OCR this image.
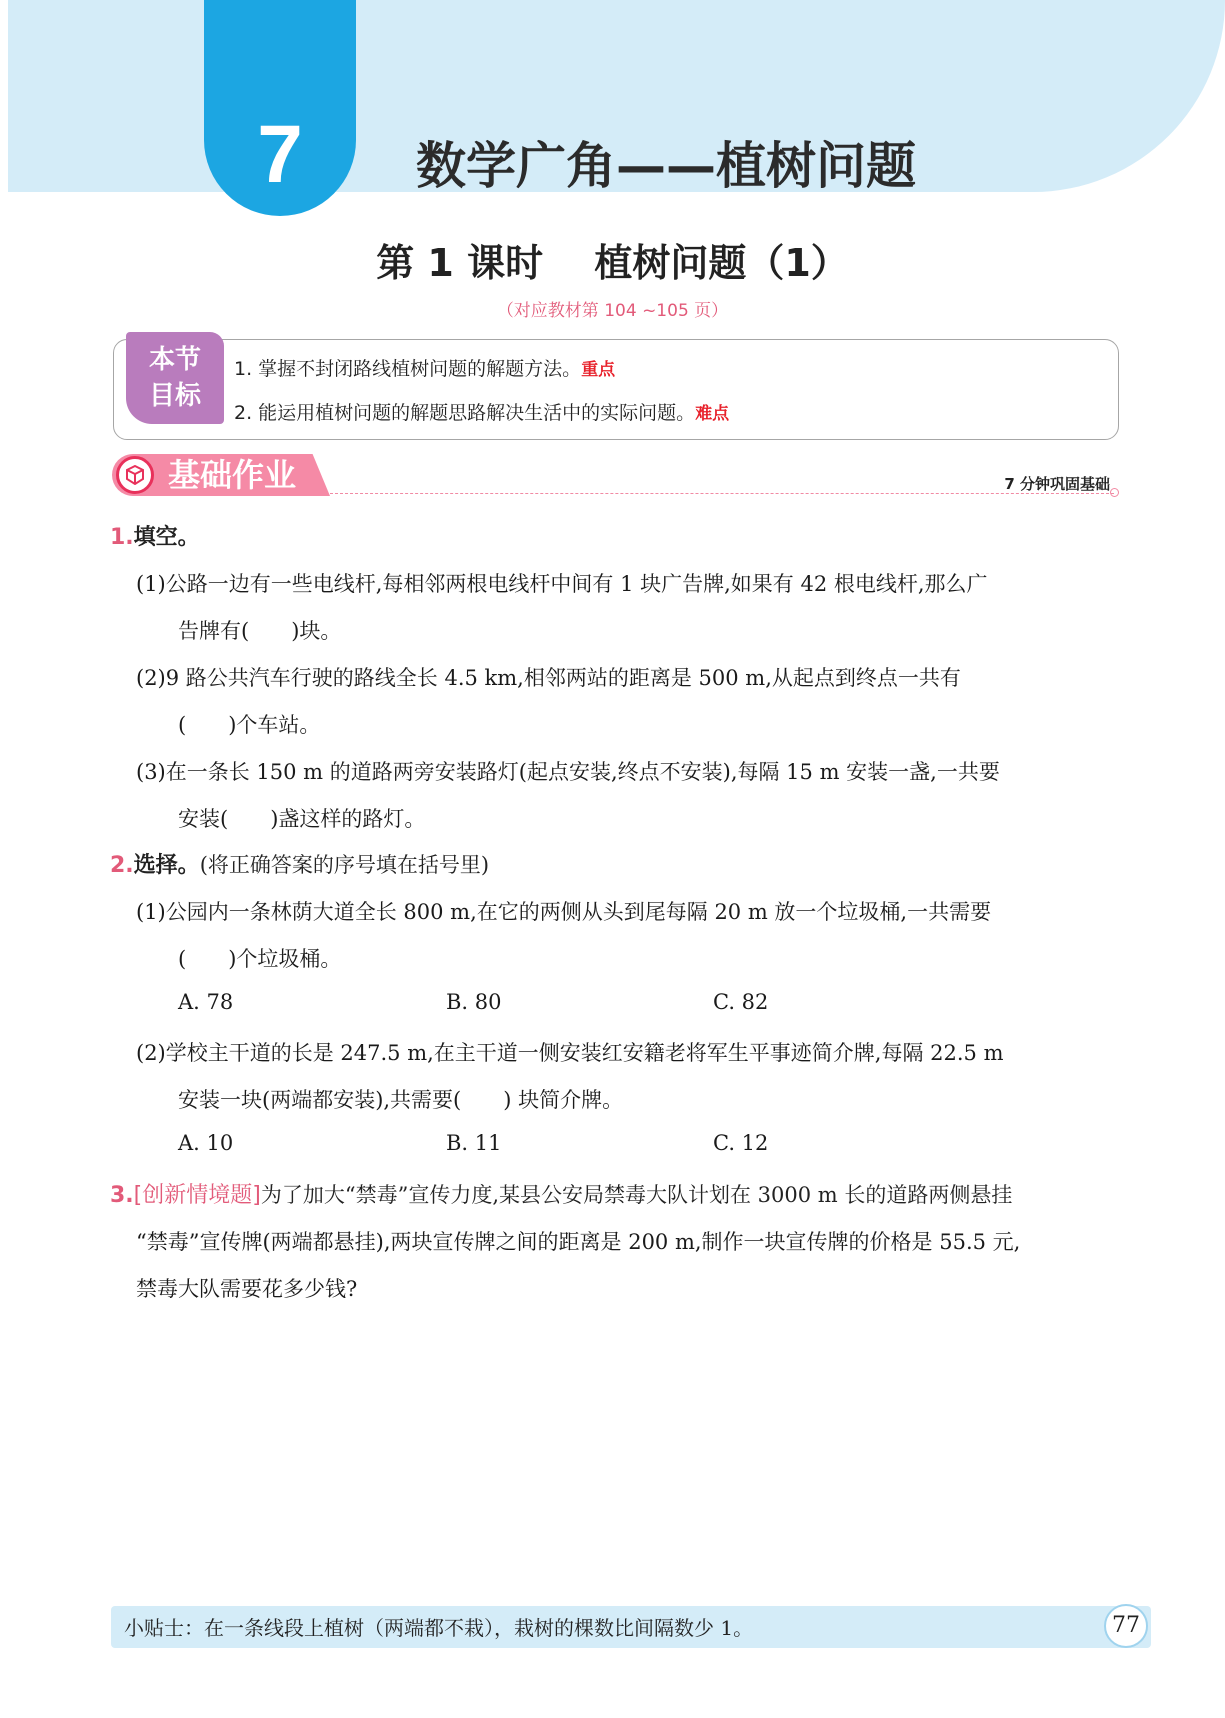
7	数学广角——植树问题
第 1 课时　 植树问题（1）
（对应教材第 104 ~105 页）
本节
目标
1. 掌握不封闭路线植树问题的解题方法。重点
2. 能运用植树问题的解题思路解决生活中的实际问题。难点
基础作业	7 分钟巩固基础
1.填空。
(1)公路一边有一些电线杆,每相邻两根电线杆中间有 1 块广告牌,如果有 42 根电线杆,那么广
告牌有(　　)块。
(2)9 路公共汽车行驶的路线全长 4.5 km,相邻两站的距离是 500 m,从起点到终点一共有
(　　)个车站。
(3)在一条长 150 m 的道路两旁安装路灯(起点安装,终点不安装),每隔 15 m 安装一盏,一共要
安装(　　)盏这样的路灯。
2.选择。(将正确答案的序号填在括号里)
(1)公园内一条林荫大道全长 800 m,在它的两侧从头到尾每隔 20 m 放一个垃圾桶,一共需要
(　　)个垃圾桶。
A. 78	B. 80	C. 82
(2)学校主干道的长是 247.5 m,在主干道一侧安装红安籍老将军生平事迹简介牌,每隔 22.5 m
安装一块(两端都安装),共需要(　　) 块简介牌。
A. 10	B. 11	C. 12
3.[创新情境题]为了加大“禁毒”宣传力度,某县公安局禁毒大队计划在 3000 m 长的道路两侧悬挂
“禁毒”宣传牌(两端都悬挂),两块宣传牌之间的距离是 200 m,制作一块宣传牌的价格是 55.5 元,
禁毒大队需要花多少钱?
小贴士：在一条线段上植树（两端都不栽），栽树的棵数比间隔数少 1。	77
